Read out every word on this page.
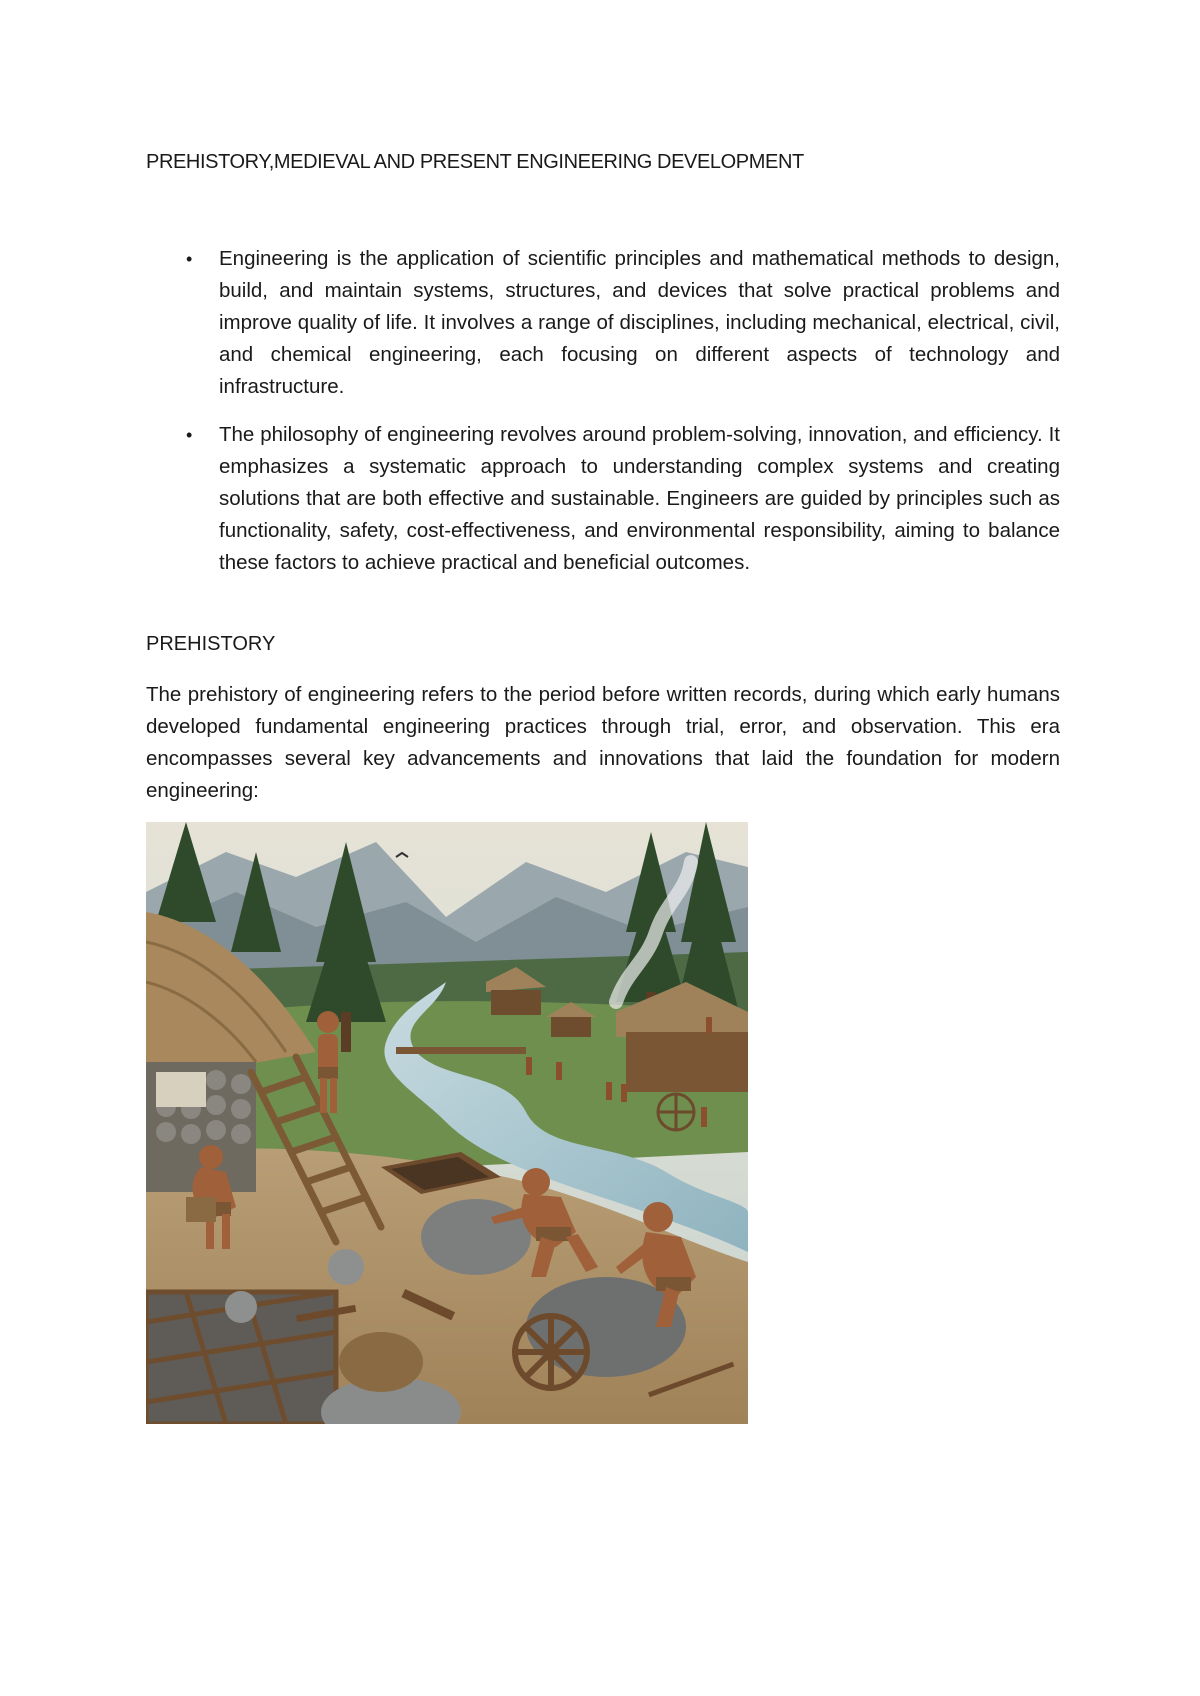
PREHISTORY,MEDIEVAL AND PRESENT ENGINEERING DEVELOPMENT
• Engineering is the application of scientific principles and mathematical methods to design, build, and maintain systems, structures, and devices that solve practical problems and improve quality of life. It involves a range of disciplines, including mechanical, electrical, civil, and chemical engineering, each focusing on different aspects of technology and infrastructure.
• The philosophy of engineering revolves around problem-solving, innovation, and efficiency. It emphasizes a systematic approach to understanding complex systems and creating solutions that are both effective and sustainable. Engineers are guided by principles such as functionality, safety, cost-effectiveness, and environmental responsibility, aiming to balance these factors to achieve practical and beneficial outcomes.
PREHISTORY

The prehistory of engineering refers to the period before written records, during which early humans developed fundamental engineering practices through trial, error, and observation. This era encompasses several key advancements and innovations that laid the foundation for modern engineering:
